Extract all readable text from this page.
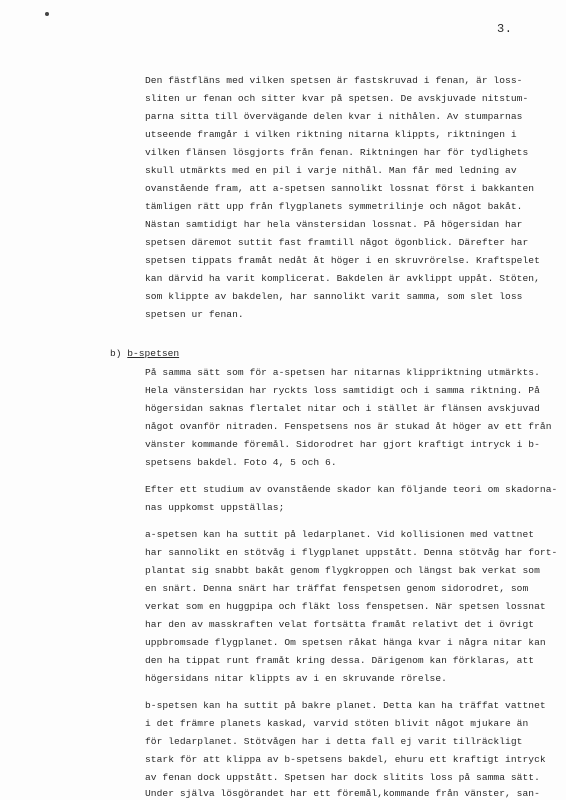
3.
Den fästfläns med vilken spetsen är fastskruvad i fenan, är loss-
sliten ur fenan och sitter kvar på spetsen. De avskjuvade nitstum-
parna sitta till övervägande delen kvar i nithålen. Av stumparnas
utseende framgår i vilken riktning nitarna klippts, riktningen i
vilken flänsen lösgjorts från fenan. Riktningen har för tydlighets
skull utmärkts med en pil i varje nithål. Man får med ledning av
ovanstående fram, att a-spetsen sannolikt lossnat först i bakkanten
tämligen rätt upp från flygplanets symmetrilinje och något bakåt.
Nästan samtidigt har hela vänstersidan lossnat. På högersidan har
spetsen däremot suttit fast framtill något ögonblick. Därefter har
spetsen tippats framåt nedåt åt höger i en skruvrörelse. Kraftspelet
kan därvid ha varit komplicerat. Bakdelen är avklippt uppåt. Stöten,
som klippte av bakdelen, har sannolikt varit samma, som slet loss
spetsen ur fenan.
b) b-spetsen
På samma sätt som för a-spetsen har nitarnas klippriktning utmärkts.
Hela vänstersidan har ryckts loss samtidigt och i samma riktning. På
högersidan saknas flertalet nitar och i stället är flänsen avskjuvad
något ovanför nitraden. Fenspetsens nos är stukad åt höger av ett från
vänster kommande föremål. Sidorodret har gjort kraftigt intryck i b-
spetsens bakdel. Foto 4, 5 och 6.
Efter ett studium av ovanstående skador kan följande teori om skadorna-
nas uppkomst uppställas;
a-spetsen kan ha suttit på ledarplanet. Vid kollisionen med vattnet
har sannolikt en stötvåg i flygplanet uppstått. Denna stötvåg har fort-
plantat sig snabbt bakåt genom flygkroppen och längst bak verkat som
en snärt. Denna snärt har träffat fenspetsen genom sidorodret, som
verkat som en huggpipa och fläkt loss fenspetsen. När spetsen lossnat
har den av masskraften velat fortsätta framåt relativt det i övrigt
uppbromsade flygplanet. Om spetsen råkat hänga kvar i några nitar kan
den ha tippat runt framåt kring dessa. Därigenom kan förklaras, att
högersidans nitar klippts av i en skruvande rörelse.
b-spetsen kan ha suttit på bakre planet. Detta kan ha träffat vattnet
i det främre planets kaskad, varvid stöten blivit något mjukare än
för ledarplanet. Stötvågen har i detta fall ej varit tillräckligt
stark för att klippa av b-spetsens bakdel, ehuru ett kraftigt intryck
av fenan dock uppstått. Spetsen har dock slitits loss på samma sätt.
Under själva lösgörandet har ett föremål,kommande från vänster, san-
